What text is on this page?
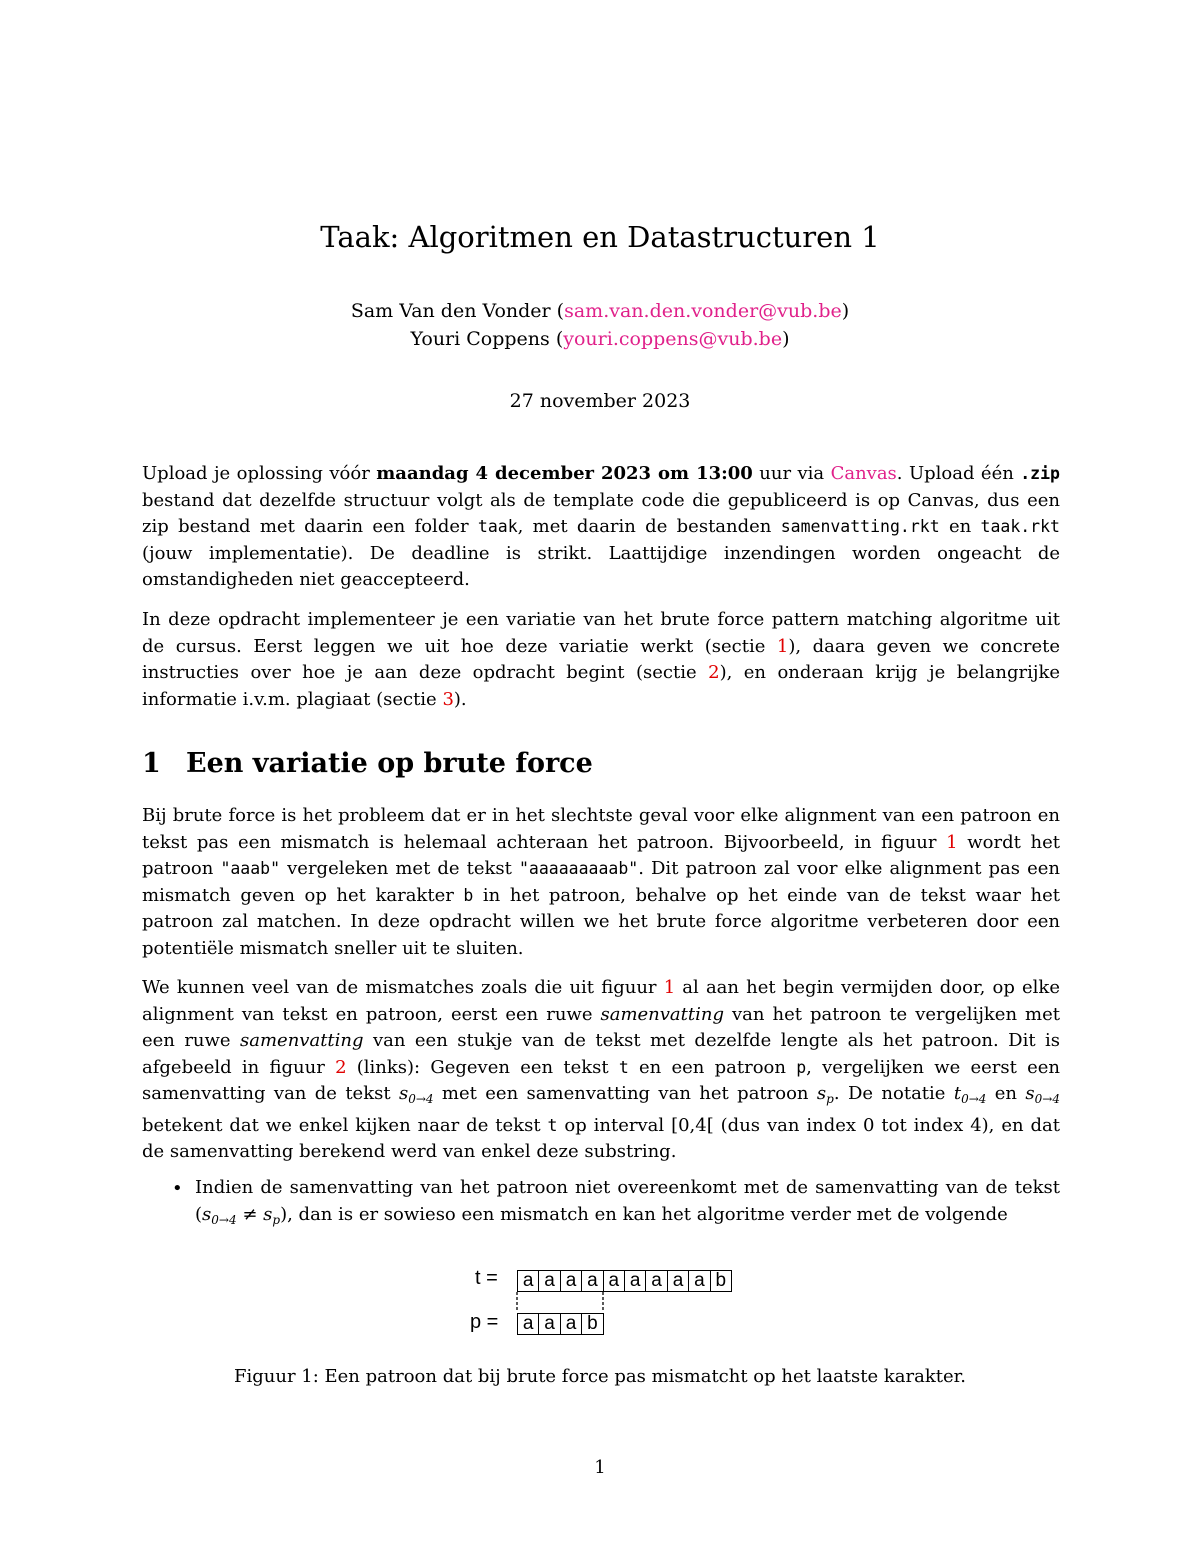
Taak: Algoritmen en Datastructuren 1
Sam Van den Vonder (sam.van.den.vonder@vub.be)
Youri Coppens (youri.coppens@vub.be)
27 november 2023

Upload je oplossing vóór maandag 4 december 2023 om 13:00 uur via Canvas. Upload één .zip bestand dat dezelfde structuur volgt als de template code die gepubliceerd is op Canvas, dus een zip bestand met daarin een folder taak, met daarin de bestanden samenvatting.rkt en taak.rkt (jouw implementatie). De deadline is strikt. Laattijdige inzendingen worden ongeacht de omstandigheden niet geaccepteerd.

In deze opdracht implementeer je een variatie van het brute force pattern matching algoritme uit de cursus. Eerst leggen we uit hoe deze variatie werkt (sectie 1), daara geven we concrete instructies over hoe je aan deze opdracht begint (sectie 2), en onderaan krijg je belangrijke informatie i.v.m. plagiaat (sectie 3).

1 Een variatie op brute force

Bij brute force is het probleem dat er in het slechtste geval voor elke alignment van een patroon en tekst pas een mismatch is helemaal achteraan het patroon. Bijvoorbeeld, in figuur 1 wordt het patroon "aaab" vergeleken met de tekst "aaaaaaaaab". Dit patroon zal voor elke alignment pas een mismatch geven op het karakter b in het patroon, behalve op het einde van de tekst waar het patroon zal matchen. In deze opdracht willen we het brute force algoritme verbeteren door een potentiële mismatch sneller uit te sluiten.

We kunnen veel van de mismatches zoals die uit figuur 1 al aan het begin vermijden door, op elke alignment van tekst en patroon, eerst een ruwe samenvatting van het patroon te vergelijken met een ruwe samenvatting van een stukje van de tekst met dezelfde lengte als het patroon. Dit is afgebeeld in figuur 2 (links): Gegeven een tekst t en een patroon p, vergelijken we eerst een samenvatting van de tekst $s_{0\to 4}$ met een samenvatting van het patroon $s_p$. De notatie $t_{0\to 4}$ en $s_{0\to 4}$ betekent dat we enkel kijken naar de tekst t op interval [0,4[ (dus van index 0 tot index 4), en dat de samenvatting berekend werd van enkel deze substring.

• Indien de samenvatting van het patroon niet overeenkomt met de samenvatting van de tekst $(s_{0\to 4} \ne s_p)$, dan is er sowieso een mismatch en kan het algoritme verder met de volgende

t =
p =
a a a a a a a a a b
a a a b
Figuur 1: Een patroon dat bij brute force pas mismatcht op het laatste karakter.
1
